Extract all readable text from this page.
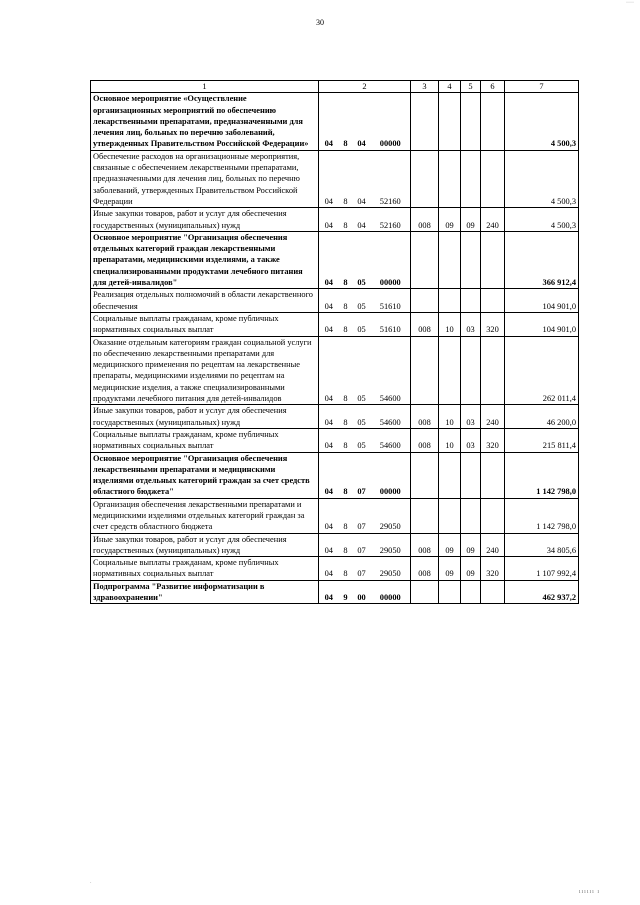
30
····
1	2				3	4	5	6	7
Основное мероприятие «Осуществление организационных мероприятий по обеспечению лекарственными препаратами, предназначенными для лечения лиц, больных по перечню заболеваний, утвержденных Правительством Российской Федерации»	04	8	04	00000					4 500,3
Обеспечение расходов на организационные мероприятия, связанные с обеспечением лекарственными препаратами, предназначенными для лечения лиц, больных по перечню заболеваний, утвержденных Правительством Российской Федерации	04	8	04	52160					4 500,3
Иные закупки товаров, работ и услуг для обеспечения государственных (муниципальных) нужд	04	8	04	52160	008	09	09	240	4 500,3
Основное мероприятие "Организация обеспечения отдельных категорий граждан лекарственными препаратами, медицинскими изделиями, а также специализированными продуктами лечебного питания для детей-инвалидов"	04	8	05	00000					366 912,4
Реализация отдельных полномочий в области лекарственного обеспечения	04	8	05	51610					104 901,0
Социальные выплаты гражданам, кроме публичных нормативных социальных выплат	04	8	05	51610	008	10	03	320	104 901,0
Оказание отдельным категориям граждан социальной услуги по обеспечению лекарственными препаратами для медицинского применения по рецептам на лекарственные препараты, медицинскими изделиями по рецептам на медицинские изделия, а также специализированными продуктами лечебного питания для детей-инвалидов	04	8	05	54600					262 011,4
Иные закупки товаров, работ и услуг для обеспечения государственных (муниципальных) нужд	04	8	05	54600	008	10	03	240	46 200,0
Социальные выплаты гражданам, кроме публичных нормативных социальных выплат	04	8	05	54600	008	10	03	320	215 811,4
Основное мероприятие "Организация обеспечения лекарственными препаратами и медицинскими изделиями отдельных категорий граждан за счет средств областного бюджета"	04	8	07	00000					1 142 798,0
Организация обеспечения лекарственными препаратами и медицинскими изделиями отдельных категорий граждан за счет средств областного бюджета	04	8	07	29050					1 142 798,0
Иные закупки товаров, работ и услуг для обеспечения государственных (муниципальных) нужд	04	8	07	29050	008	09	09	240	34 805,6
Социальные выплаты гражданам, кроме публичных нормативных социальных выплат	04	8	07	29050	008	09	09	320	1 107 992,4
Подпрограмма "Развитие информатизации в здравоохранении"	04	9	00	00000					462 937,2
.
ıııııı ı
